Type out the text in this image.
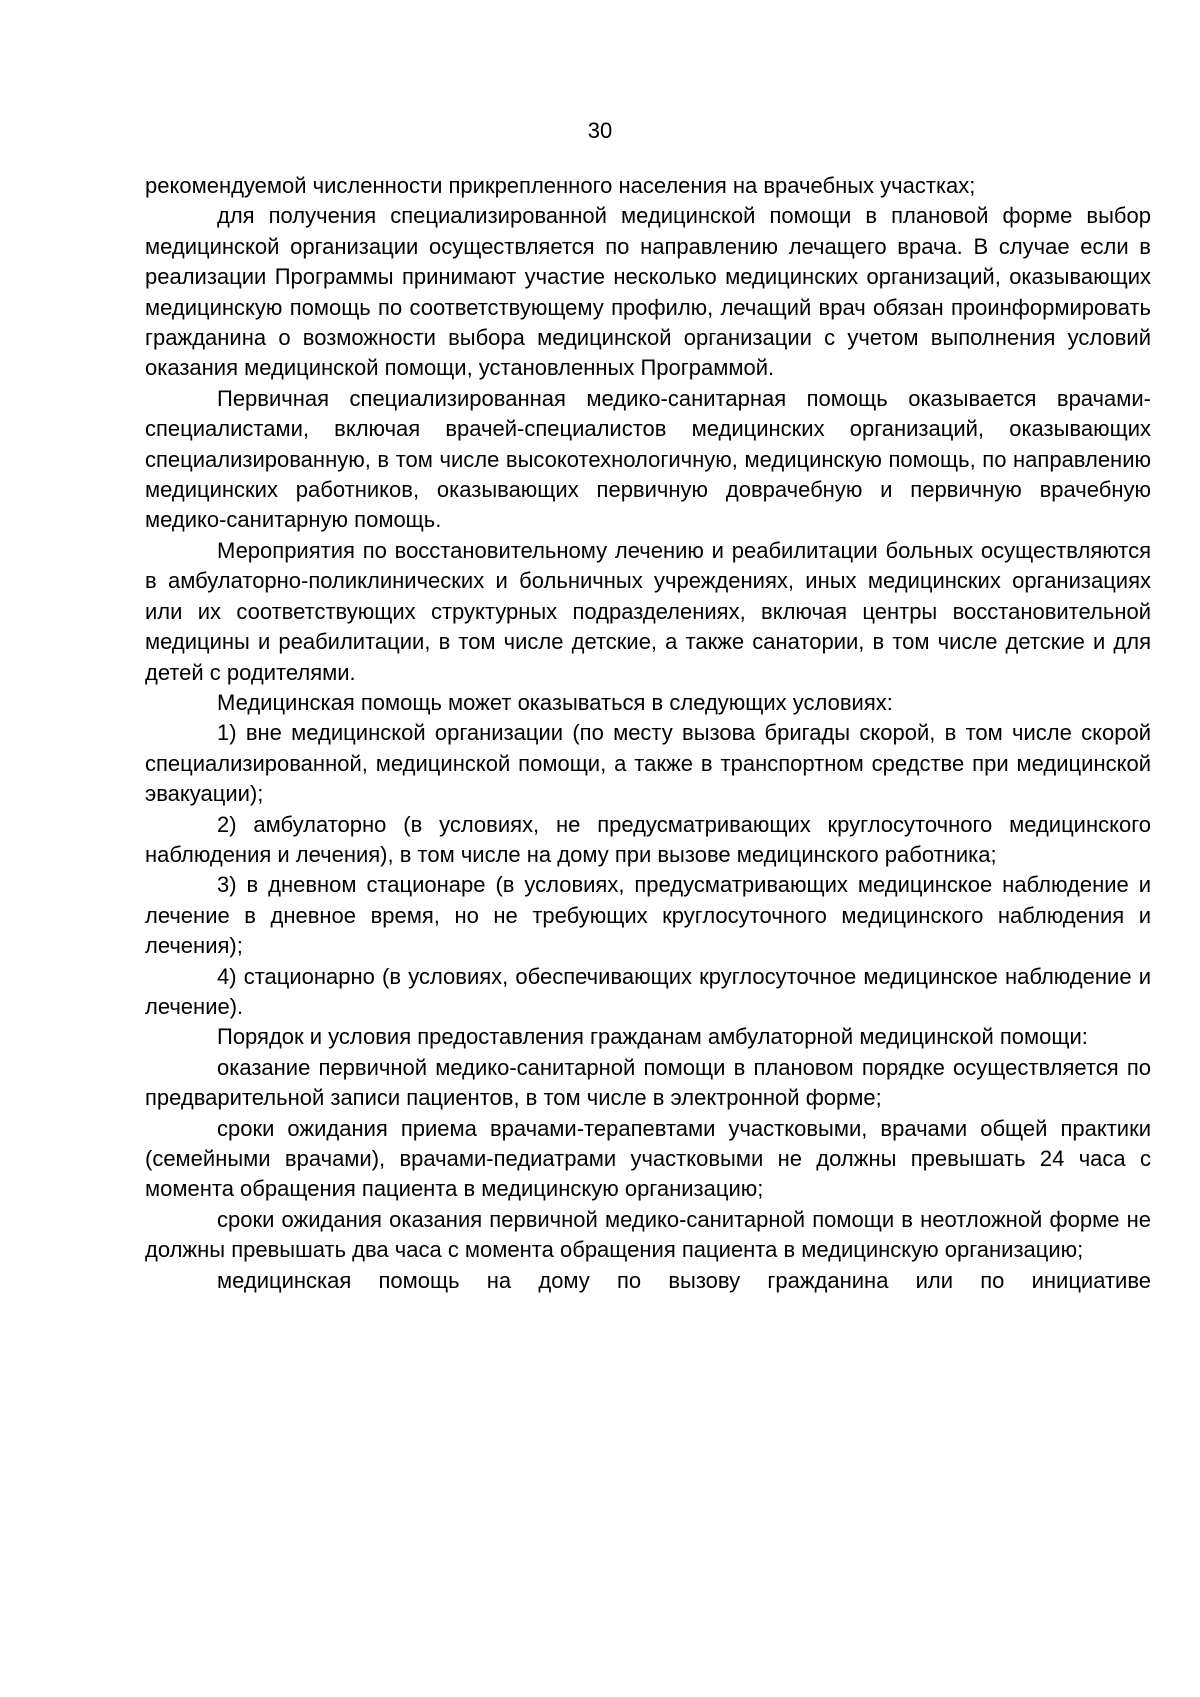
30

рекомендуемой численности прикрепленного населения на врачебных участках;

для получения специализированной медицинской помощи в плановой форме выбор медицинской организации осуществляется по направлению лечащего врача. В случае если в реализации Программы принимают участие несколько медицинских организаций, оказывающих медицинскую помощь по соответствующему профилю, лечащий врач обязан проинформировать гражданина о возможности выбора медицинской организации с учетом выполнения условий оказания медицинской помощи, установленных Программой.

Первичная специализированная медико-санитарная помощь оказывается врачами-специалистами, включая врачей-специалистов медицинских организаций, оказывающих специализированную, в том числе высокотехнологичную, медицинскую помощь, по направлению медицинских работников, оказывающих первичную доврачебную и первичную врачебную медико-санитарную помощь.

Мероприятия по восстановительному лечению и реабилитации больных осуществляются в амбулаторно-поликлинических и больничных учреждениях, иных медицинских организациях или их соответствующих структурных подразделениях, включая центры восстановительной медицины и реабилитации, в том числе детские, а также санатории, в том числе детские и для детей с родителями.

Медицинская помощь может оказываться в следующих условиях:

1) вне медицинской организации (по месту вызова бригады скорой, в том числе скорой специализированной, медицинской помощи, а также в транспортном средстве при медицинской эвакуации);

2) амбулаторно (в условиях, не предусматривающих круглосуточного медицинского наблюдения и лечения), в том числе на дому при вызове медицинского работника;

3) в дневном стационаре (в условиях, предусматривающих медицинское наблюдение и лечение в дневное время, но не требующих круглосуточного медицинского наблюдения и лечения);

4) стационарно (в условиях, обеспечивающих круглосуточное медицинское наблюдение и лечение).

Порядок и условия предоставления гражданам амбулаторной медицинской помощи:

оказание первичной медико-санитарной помощи в плановом порядке осуществляется по предварительной записи пациентов, в том числе в электронной форме;

сроки ожидания приема врачами-терапевтами участковыми, врачами общей практики (семейными врачами), врачами-педиатрами участковыми не должны превышать 24 часа с момента обращения пациента в медицинскую организацию;

сроки ожидания оказания первичной медико-санитарной помощи в неотложной форме не должны превышать два часа с момента обращения пациента в медицинскую организацию;

медицинская помощь на дому по вызову гражданина или по инициативе
